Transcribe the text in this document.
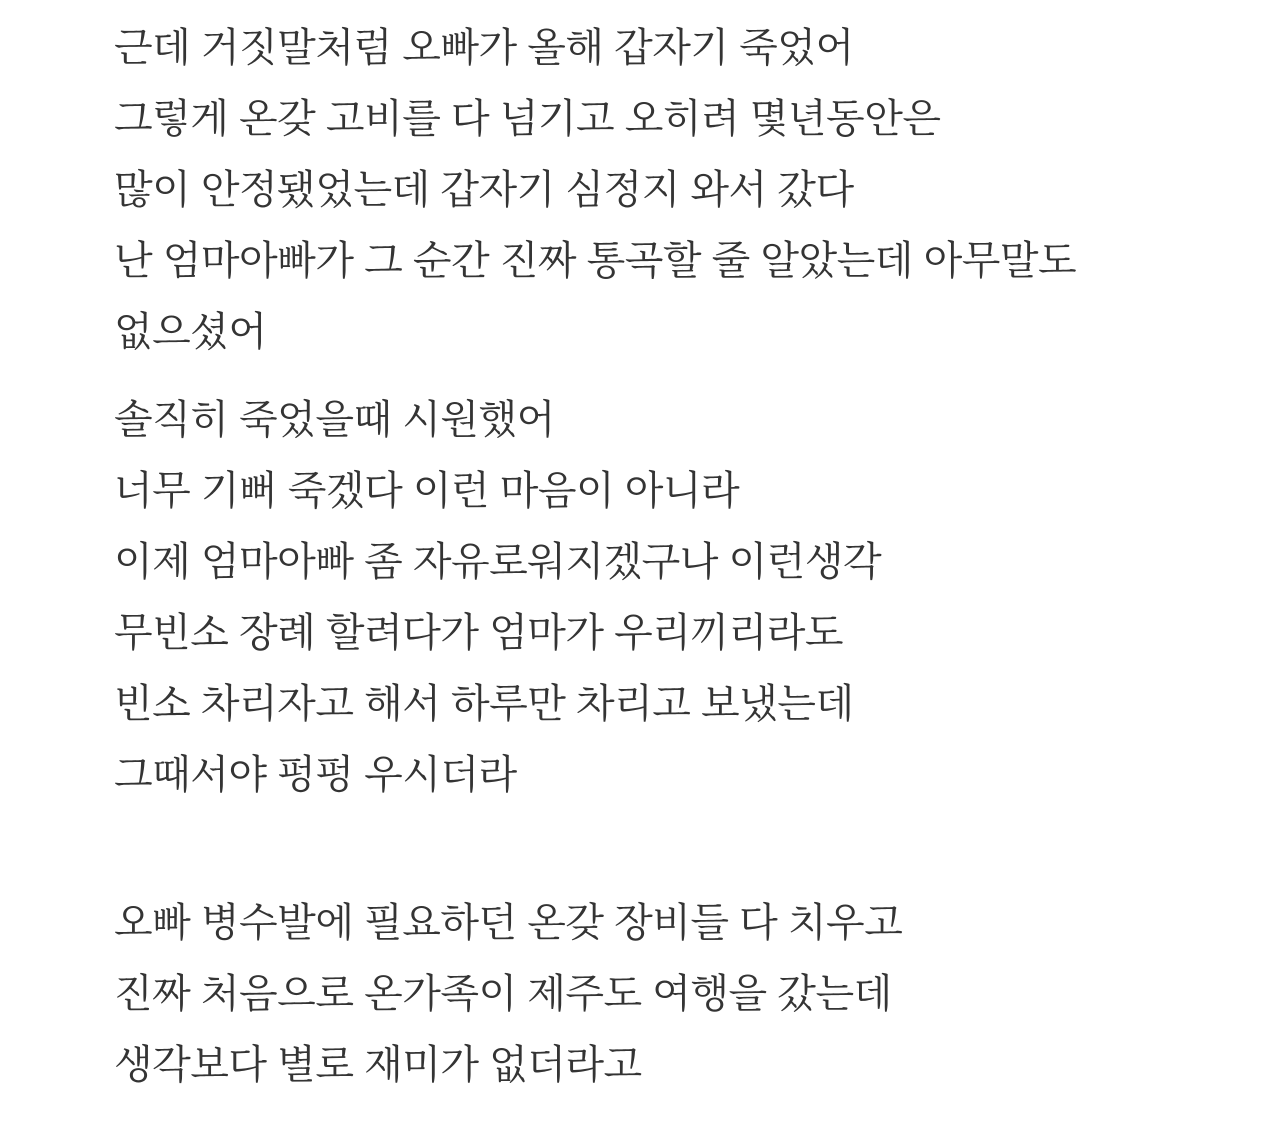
근데 거짓말처럼 오빠가 올해 갑자기 죽었어
그렇게 온갖 고비를 다 넘기고 오히려 몇년동안은
많이 안정됐었는데 갑자기 심정지 와서 갔다
난 엄마아빠가 그 순간 진짜 통곡할 줄 알았는데 아무말도
없으셨어
솔직히 죽었을때 시원했어
너무 기뻐 죽겠다 이런 마음이 아니라
이제 엄마아빠 좀 자유로워지겠구나 이런생각
무빈소 장례 할려다가 엄마가 우리끼리라도
빈소 차리자고 해서 하루만 차리고 보냈는데
그때서야 펑펑 우시더라
오빠 병수발에 필요하던 온갖 장비들 다 치우고
진짜 처음으로 온가족이 제주도 여행을 갔는데
생각보다 별로 재미가 없더라고
